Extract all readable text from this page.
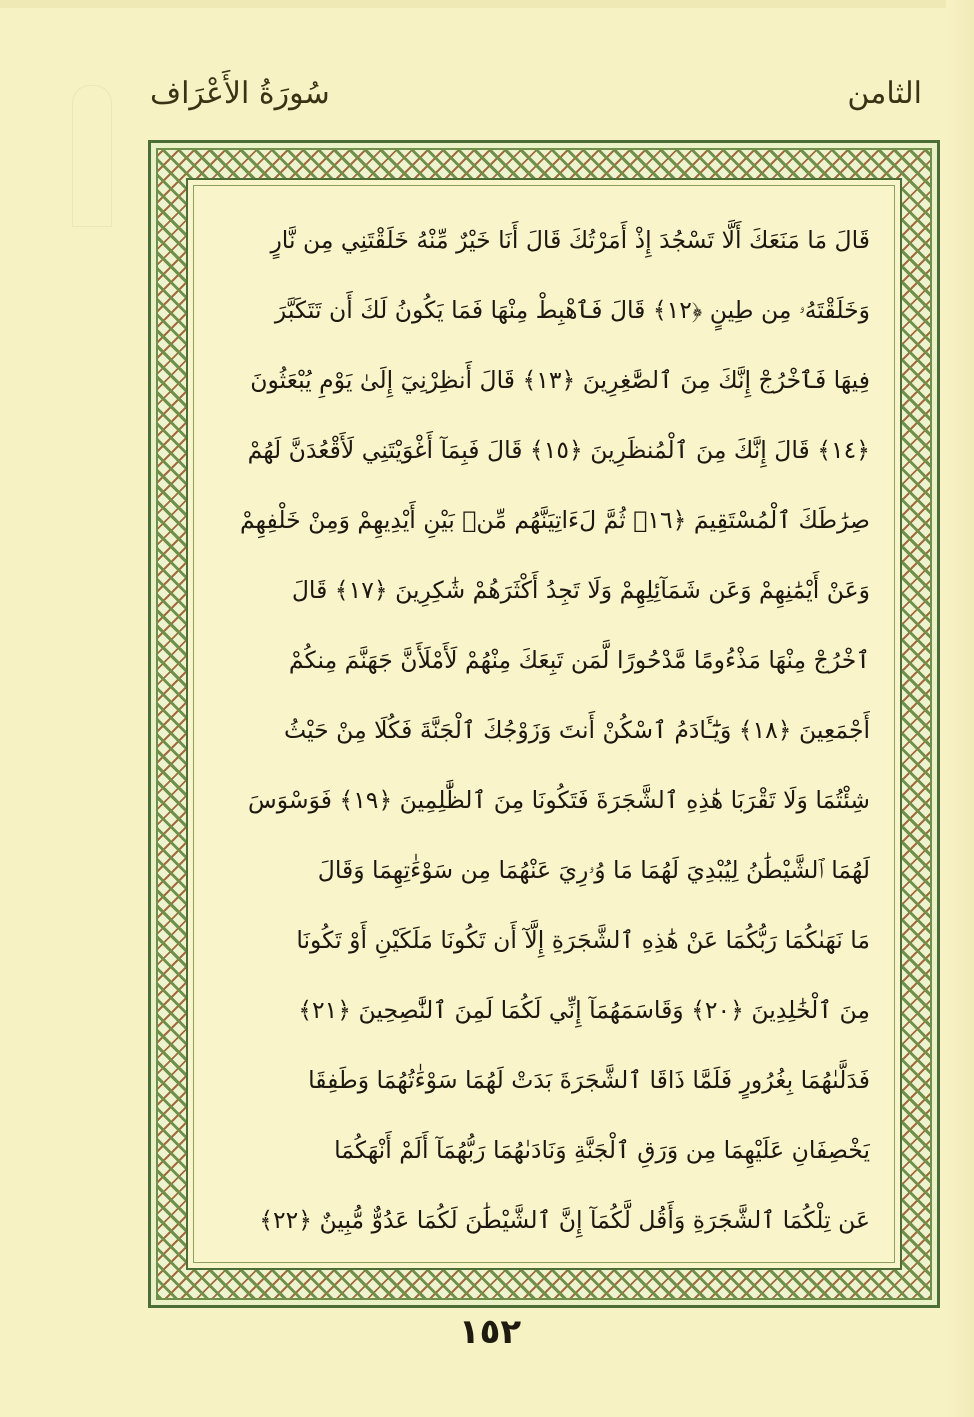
سُورَةُ الأَعْرَاف	الثامن
قَالَ مَا مَنَعَكَ أَلَّا تَسْجُدَ إِذْ أَمَرْتُكَ قَالَ أَنَا خَيْرٌ مِّنْهُ خَلَقْتَنِي مِن نَّارٍ
وَخَلَقْتَهُۥ مِن طِينٍ ﴿١٢﴾ قَالَ فَٱهْبِطْ مِنْهَا فَمَا يَكُونُ لَكَ أَن تَتَكَبَّرَ
فِيهَا فَٱخْرُجْ إِنَّكَ مِنَ ٱلصَّٰغِرِينَ ﴿١٣﴾ قَالَ أَنظِرْنِيٓ إِلَىٰ يَوْمِ يُبْعَثُونَ
﴿١٤﴾ قَالَ إِنَّكَ مِنَ ٱلْمُنظَرِينَ ﴿١٥﴾ قَالَ فَبِمَآ أَغْوَيْتَنِي لَأَقْعُدَنَّ لَهُمْ
صِرَٰطَكَ ٱلْمُسْتَقِيمَ ﴿١٦﴾ ثُمَّ لَءَاتِيَنَّهُم مِّنۢ بَيْنِ أَيْدِيهِمْ وَمِنْ خَلْفِهِمْ
وَعَنْ أَيْمَٰنِهِمْ وَعَن شَمَآئِلِهِمْ وَلَا تَجِدُ أَكْثَرَهُمْ شَٰكِرِينَ ﴿١٧﴾ قَالَ
ٱخْرُجْ مِنْهَا مَذْءُومًا مَّدْحُورًا لَّمَن تَبِعَكَ مِنْهُمْ لَأَمْلَأَنَّ جَهَنَّمَ مِنكُمْ
أَجْمَعِينَ ﴿١٨﴾ وَيَٰٓـَٔادَمُ ٱسْكُنْ أَنتَ وَزَوْجُكَ ٱلْجَنَّةَ فَكُلَا مِنْ حَيْثُ
شِئْتُمَا وَلَا تَقْرَبَا هَٰذِهِ ٱلشَّجَرَةَ فَتَكُونَا مِنَ ٱلظَّٰلِمِينَ ﴿١٩﴾ فَوَسْوَسَ
لَهُمَا ٱلشَّيْطَٰنُ لِيُبْدِيَ لَهُمَا مَا وُۥرِيَ عَنْهُمَا مِن سَوْءَٰتِهِمَا وَقَالَ
مَا نَهَىٰكُمَا رَبُّكُمَا عَنْ هَٰذِهِ ٱلشَّجَرَةِ إِلَّآ أَن تَكُونَا مَلَكَيْنِ أَوْ تَكُونَا
مِنَ ٱلْخَٰلِدِينَ ﴿٢٠﴾ وَقَاسَمَهُمَآ إِنِّي لَكُمَا لَمِنَ ٱلنَّٰصِحِينَ ﴿٢١﴾
فَدَلَّىٰهُمَا بِغُرُورٍ فَلَمَّا ذَاقَا ٱلشَّجَرَةَ بَدَتْ لَهُمَا سَوْءَٰتُهُمَا وَطَفِقَا
يَخْصِفَانِ عَلَيْهِمَا مِن وَرَقِ ٱلْجَنَّةِ وَنَادَىٰهُمَا رَبُّهُمَآ أَلَمْ أَنْهَكُمَا
عَن تِلْكُمَا ٱلشَّجَرَةِ وَأَقُل لَّكُمَآ إِنَّ ٱلشَّيْطَٰنَ لَكُمَا عَدُوٌّ مُّبِينٌ ﴿٢٢﴾
١٥٢
